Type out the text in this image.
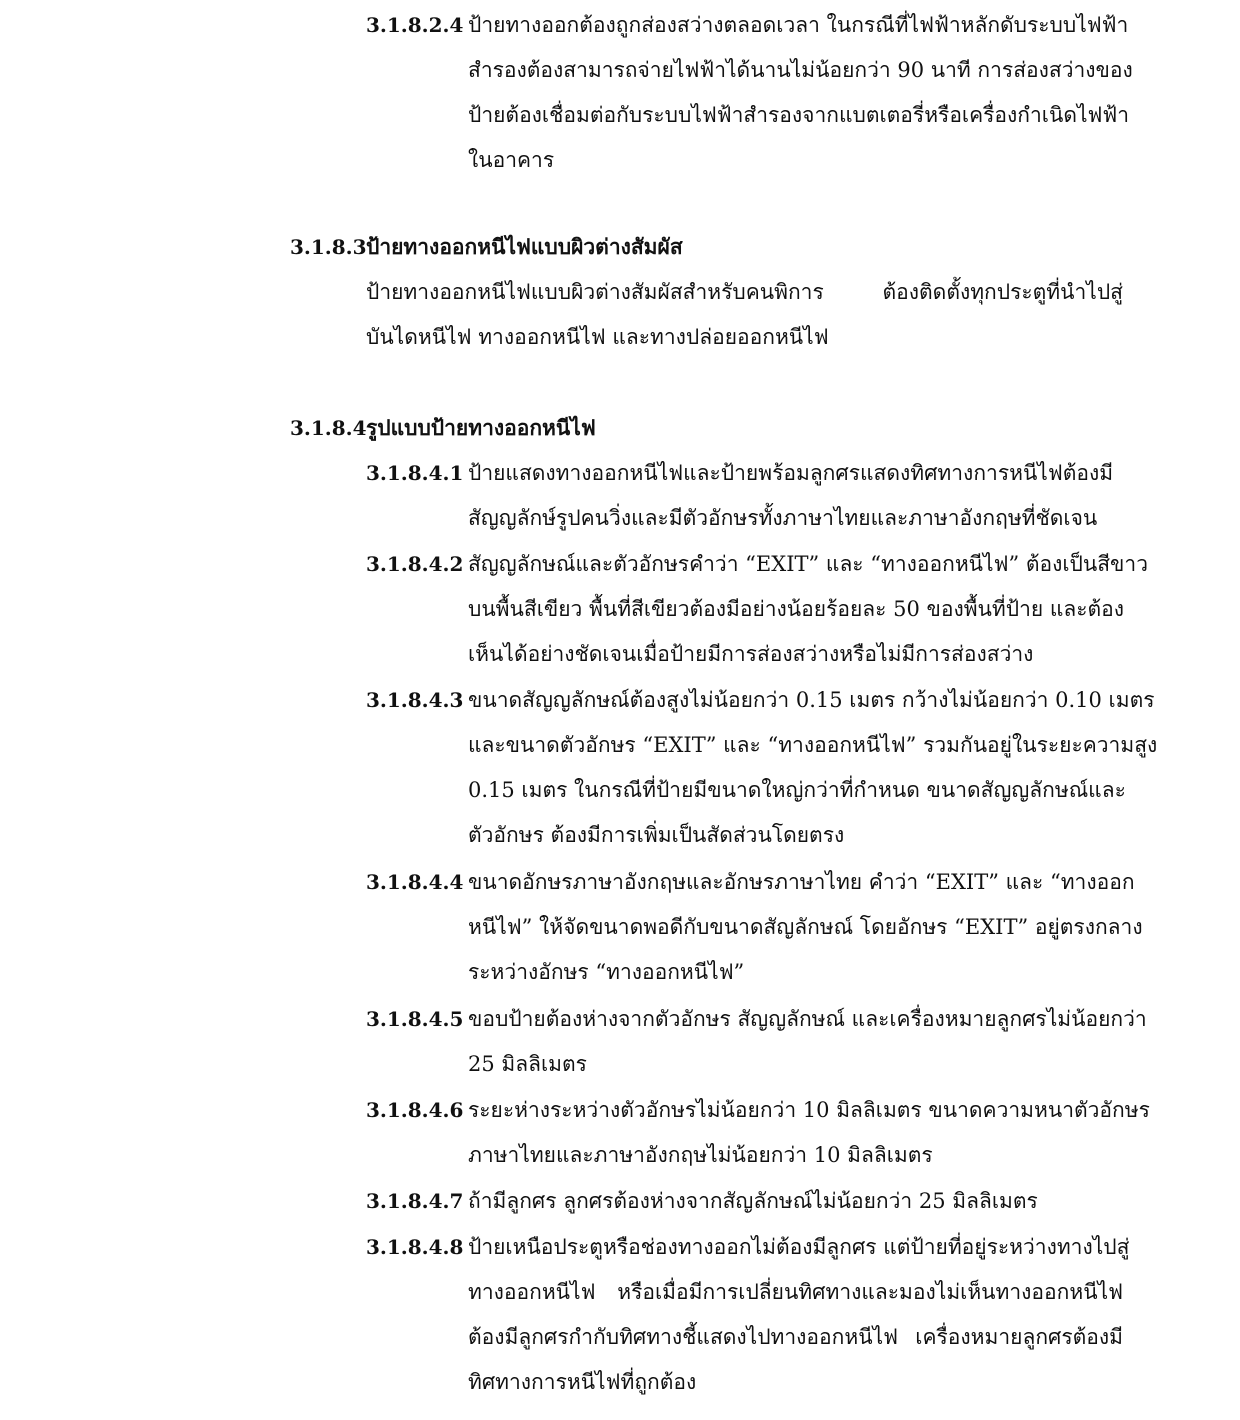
3.1.8.2.4 ป้ายทางออกต้องถูกส่องสว่างตลอดเวลา ในกรณีที่ไฟฟ้าหลักดับระบบไฟฟ้า
สำรองต้องสามารถจ่ายไฟฟ้าได้นานไม่น้อยกว่า 90 นาที การส่องสว่างของ
ป้ายต้องเชื่อมต่อกับระบบไฟฟ้าสำรองจากแบตเตอรี่หรือเครื่องกำเนิดไฟฟ้า
ในอาคาร
3.1.8.3 ป้ายทางออกหนีไฟแบบผิวต่างสัมผัส
ป้ายทางออกหนีไฟแบบผิวต่างสัมผัสสำหรับคนพิการ ต้องติดตั้งทุกประตูที่นำไปสู่
บันไดหนีไฟ ทางออกหนีไฟ และทางปล่อยออกหนีไฟ
3.1.8.4 รูปแบบป้ายทางออกหนีไฟ
3.1.8.4.1 ป้ายแสดงทางออกหนีไฟและป้ายพร้อมลูกศรแสดงทิศทางการหนีไฟต้องมี
สัญญลักษ์รูปคนวิ่งและมีตัวอักษรทั้งภาษาไทยและภาษาอังกฤษที่ชัดเจน
3.1.8.4.2 สัญญลักษณ์และตัวอักษรคำว่า “EXIT” และ “ทางออกหนีไฟ” ต้องเป็นสีขาว
บนพื้นสีเขียว พื้นที่สีเขียวต้องมีอย่างน้อยร้อยละ 50 ของพื้นที่ป้าย และต้อง
เห็นได้อย่างชัดเจนเมื่อป้ายมีการส่องสว่างหรือไม่มีการส่องสว่าง
3.1.8.4.3 ขนาดสัญญลักษณ์ต้องสูงไม่น้อยกว่า 0.15 เมตร กว้างไม่น้อยกว่า 0.10 เมตร
และขนาดตัวอักษร “EXIT” และ “ทางออกหนีไฟ” รวมกันอยู่ในระยะความสูง
0.15 เมตร ในกรณีที่ป้ายมีขนาดใหญ่กว่าที่กำหนด ขนาดสัญญลักษณ์และ
ตัวอักษร ต้องมีการเพิ่มเป็นสัดส่วนโดยตรง
3.1.8.4.4 ขนาดอักษรภาษาอังกฤษและอักษรภาษาไทย คำว่า “EXIT” และ “ทางออก
หนีไฟ” ให้จัดขนาดพอดีกับขนาดสัญลักษณ์ โดยอักษร “EXIT” อยู่ตรงกลาง
ระหว่างอักษร “ทางออกหนีไฟ”
3.1.8.4.5 ขอบป้ายต้องห่างจากตัวอักษร สัญญลักษณ์ และเครื่องหมายลูกศรไม่น้อยกว่า
25 มิลลิเมตร
3.1.8.4.6 ระยะห่างระหว่างตัวอักษรไม่น้อยกว่า 10 มิลลิเมตร ขนาดความหนาตัวอักษร
ภาษาไทยและภาษาอังกฤษไม่น้อยกว่า 10 มิลลิเมตร
3.1.8.4.7 ถ้ามีลูกศร ลูกศรต้องห่างจากสัญลักษณ์ไม่น้อยกว่า 25 มิลลิเมตร
3.1.8.4.8 ป้ายเหนือประตูหรือช่องทางออกไม่ต้องมีลูกศร แต่ป้ายที่อยู่ระหว่างทางไปสู่
ทางออกหนีไฟ หรือเมื่อมีการเปลี่ยนทิศทางและมองไม่เห็นทางออกหนีไฟ
ต้องมีลูกศรกำกับทิศทางชี้แสดงไปทางออกหนีไฟ เครื่องหมายลูกศรต้องมี
ทิศทางการหนีไฟที่ถูกต้อง
